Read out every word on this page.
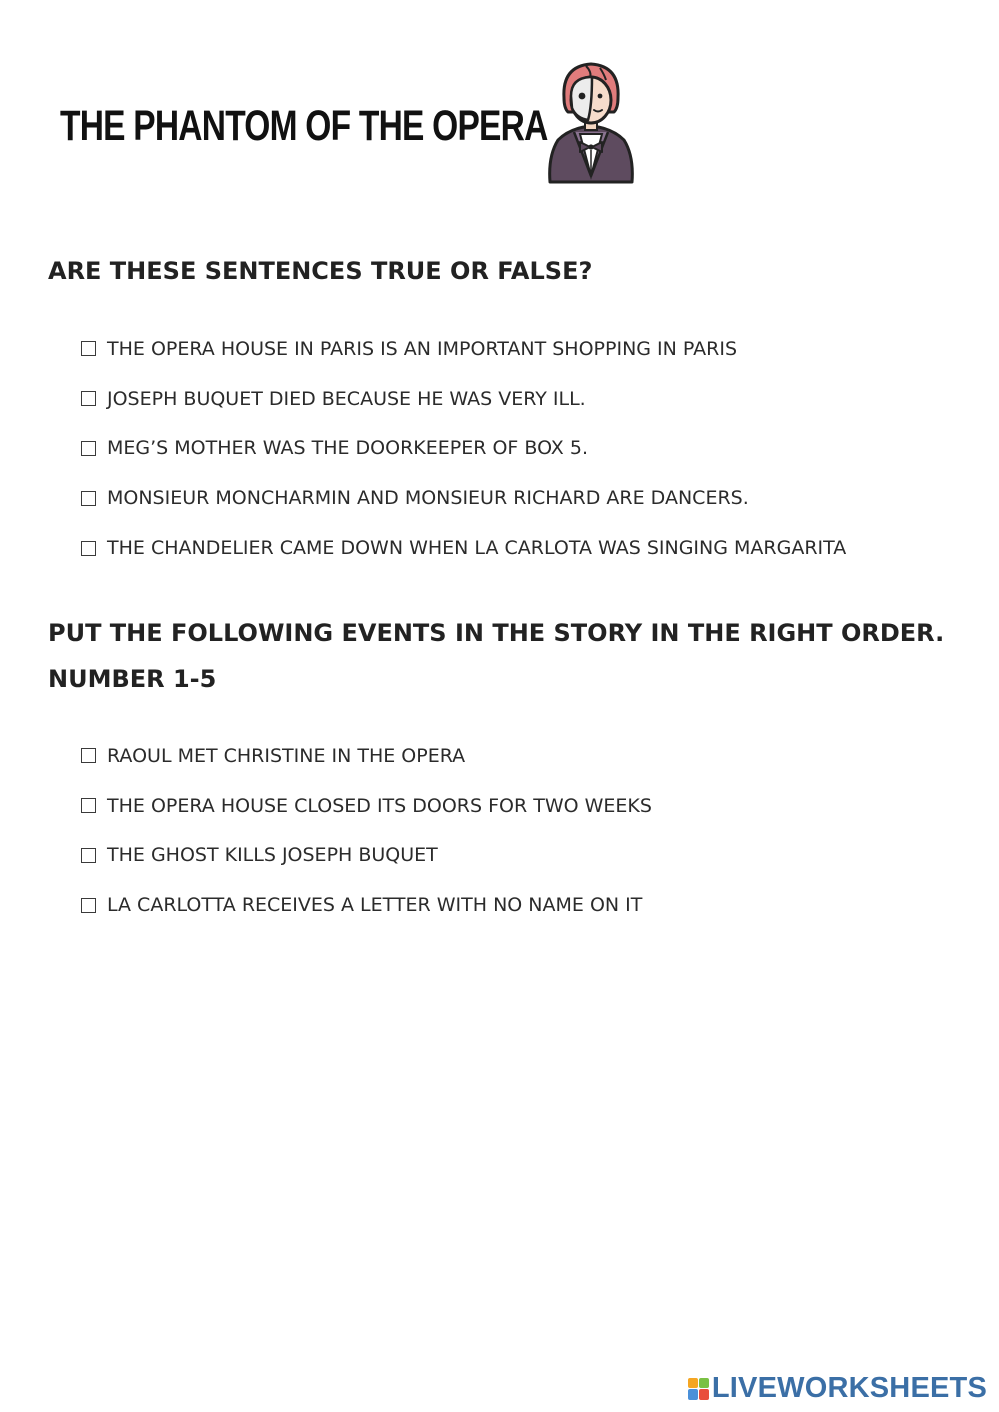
THE PHANTOM OF THE OPERA
ARE THESE SENTENCES TRUE OR FALSE?
THE OPERA HOUSE IN PARIS IS AN IMPORTANT SHOPPING IN PARIS
JOSEPH BUQUET DIED BECAUSE HE WAS VERY ILL.
MEG’S MOTHER WAS THE DOORKEEPER OF BOX 5.
MONSIEUR MONCHARMIN AND MONSIEUR RICHARD ARE DANCERS.
THE CHANDELIER CAME DOWN WHEN LA CARLOTA WAS SINGING MARGARITA
PUT THE FOLLOWING EVENTS IN THE STORY IN THE RIGHT ORDER. NUMBER 1-5
RAOUL MET CHRISTINE IN THE OPERA
THE OPERA HOUSE CLOSED ITS DOORS FOR TWO WEEKS
THE GHOST KILLS JOSEPH BUQUET
LA CARLOTTA RECEIVES A LETTER WITH NO NAME ON IT
LIVEWORKSHEETS
